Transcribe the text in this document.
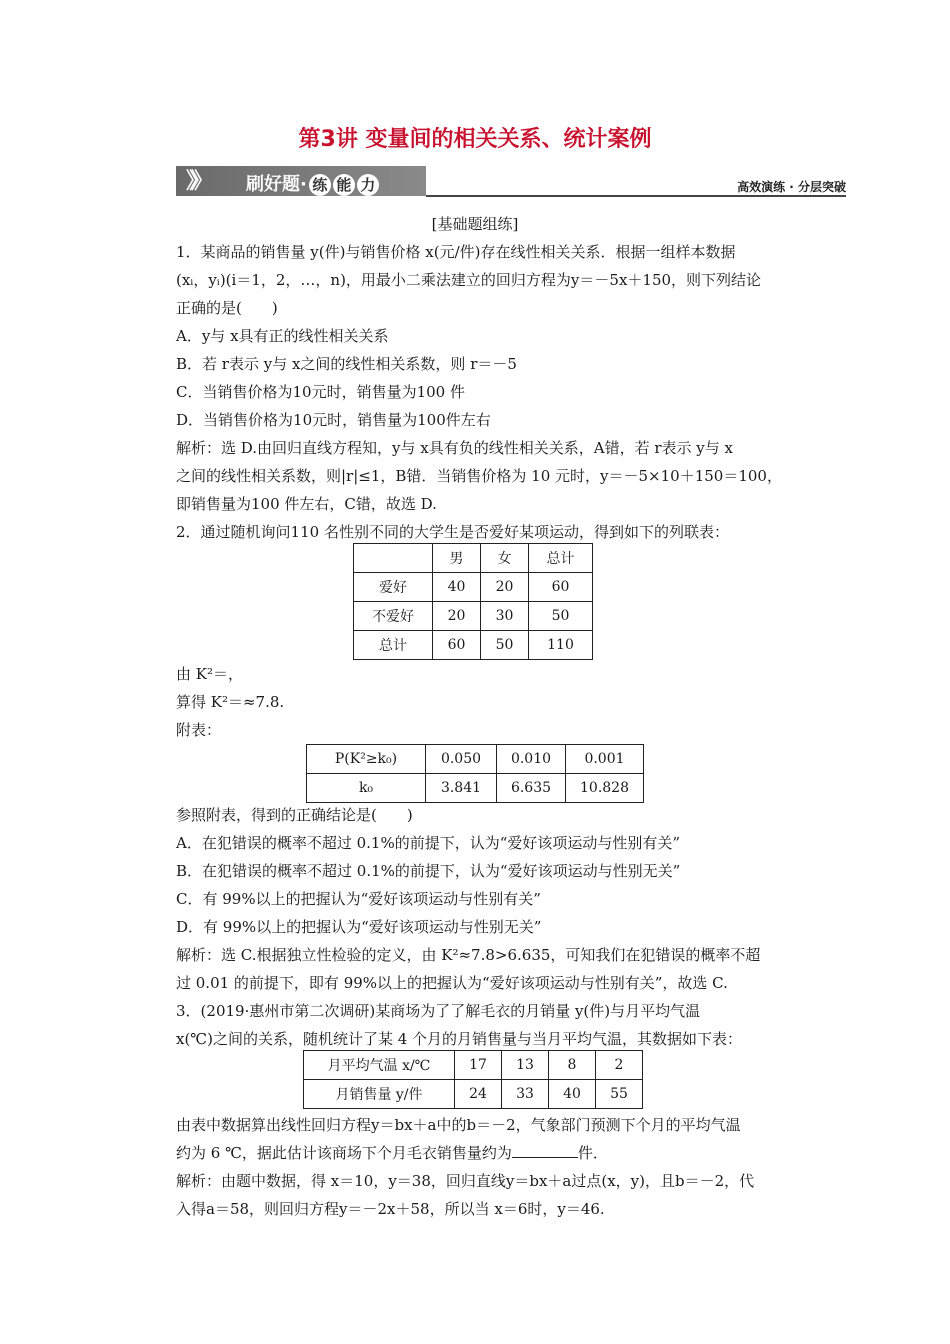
第3讲 变量间的相关关系、统计案例
》》 刷好题· 练 能 力	高效演练 · 分层突破
[基础题组练]
1．某商品的销售量 y(件)与销售价格 x(元/件)存在线性相关关系．根据一组样本数据
(xᵢ，yᵢ)(i＝1，2，…，n)，用最小二乘法建立的回归方程为y＝－5x＋150，则下列结论
正确的是(　　)
A．y与 x具有正的线性相关关系
B．若 r表示 y与 x之间的线性相关系数，则 r＝－5
C．当销售价格为10元时，销售量为100 件
D．当销售价格为10元时，销售量为100件左右
解析：选 D.由回归直线方程知，y与 x具有负的线性相关关系，A错，若 r表示 y与 x
之间的线性相关系数，则|r|≤1，B错．当销售价格为 10 元时，y＝－5×10＋150＝100，
即销售量为100 件左右，C错，故选 D.
2．通过随机询问110 名性别不同的大学生是否爱好某项运动，得到如下的列联表：
	男	女	总计
爱好	40	20	60
不爱好	20	30	50
总计	60	50	110
由 K²＝，
算得 K²＝≈7.8.
附表：
P(K²≥k₀)	0.050	0.010	0.001
k₀	3.841	6.635	10.828
参照附表，得到的正确结论是(　　)
A．在犯错误的概率不超过 0.1%的前提下，认为“爱好该项运动与性别有关”
B．在犯错误的概率不超过 0.1%的前提下，认为“爱好该项运动与性别无关”
C．有 99%以上的把握认为“爱好该项运动与性别有关”
D．有 99%以上的把握认为“爱好该项运动与性别无关”
解析：选 C.根据独立性检验的定义，由 K²≈7.8>6.635，可知我们在犯错误的概率不超
过 0.01 的前提下，即有 99%以上的把握认为“爱好该项运动与性别有关”，故选 C.
3．(2019·惠州市第二次调研)某商场为了了解毛衣的月销量 y(件)与月平均气温
x(℃)之间的关系，随机统计了某 4 个月的月销售量与当月平均气温，其数据如下表：
月平均气温 x/℃	17	13	8	2
月销售量 y/件	24	33	40	55
由表中数据算出线性回归方程y＝bx＋a中的b＝－2，气象部门预测下个月的平均气温
约为 6 ℃，据此估计该商场下个月毛衣销售量约为	件．
解析：由题中数据，得 x＝10，y＝38，回归直线y＝bx＋a过点(x，y)，且b＝－2，代
入得a＝58，则回归方程y＝－2x＋58，所以当 x＝6时，y＝46.
